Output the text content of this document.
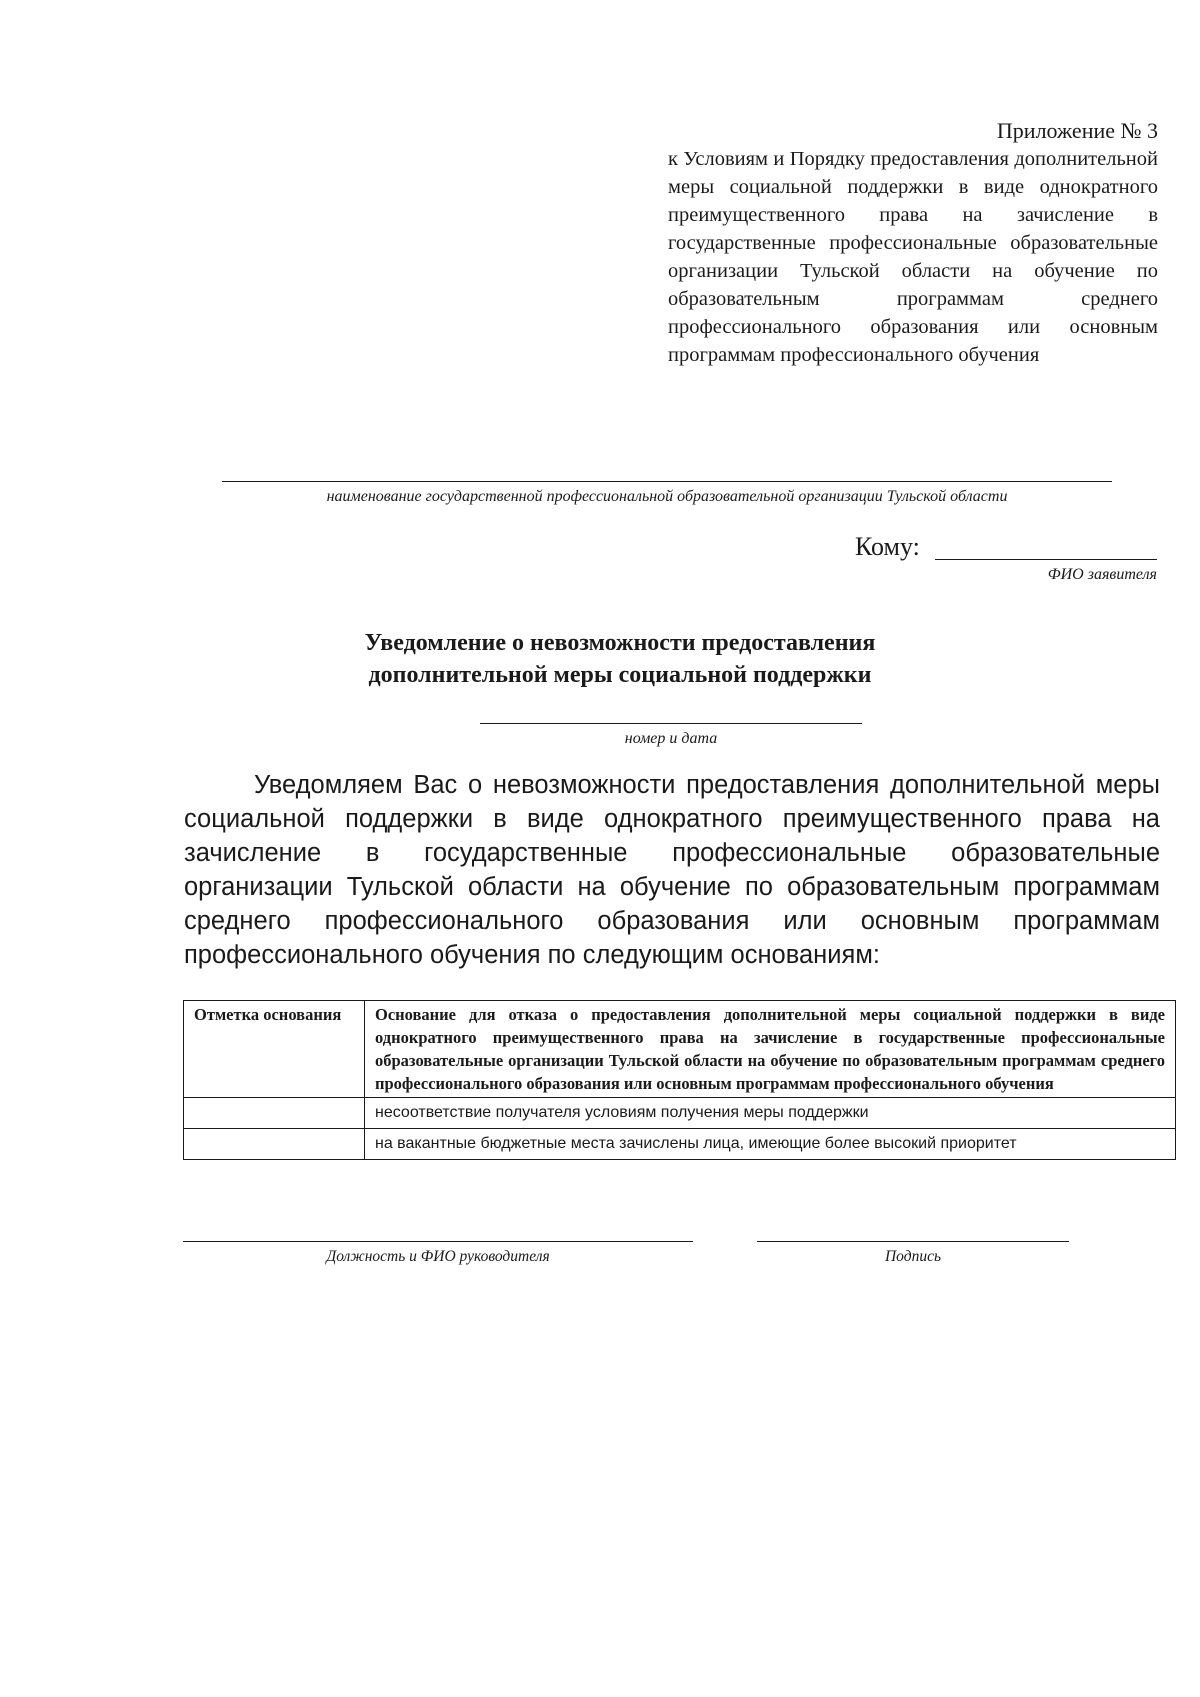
Приложение № 3
к Условиям и Порядку предоставления дополнительной меры социальной поддержки в виде однократного преимущественного права на зачисление в государственные профессиональные образовательные организации Тульской области на обучение по образовательным программам среднего профессионального образования или основным программам профессионального обучения
наименование государственной профессиональной образовательной организации Тульской области
Кому:
ФИО заявителя
Уведомление о невозможности предоставления
дополнительной меры социальной поддержки
номер и дата
Уведомляем Вас о невозможности предоставления дополнительной меры социальной поддержки в виде однократного преимущественного права на зачисление в государственные профессиональные образовательные организации Тульской области на обучение по образовательным программам среднего профессионального образования или основным программам профессионального обучения по следующим основаниям:
Отметка основания	Основание для отказа о предоставления дополнительной меры социальной поддержки в виде однократного преимущественного права на зачисление в государственные профессиональные образовательные организации Тульской области на обучение по образовательным программам среднего профессионального образования или основным программам профессионального обучения

	несоответствие получателя условиям получения меры поддержки

	на вакантные бюджетные места зачислены лица, имеющие более высокий приоритет
Должность и ФИО руководителя	Подпись
